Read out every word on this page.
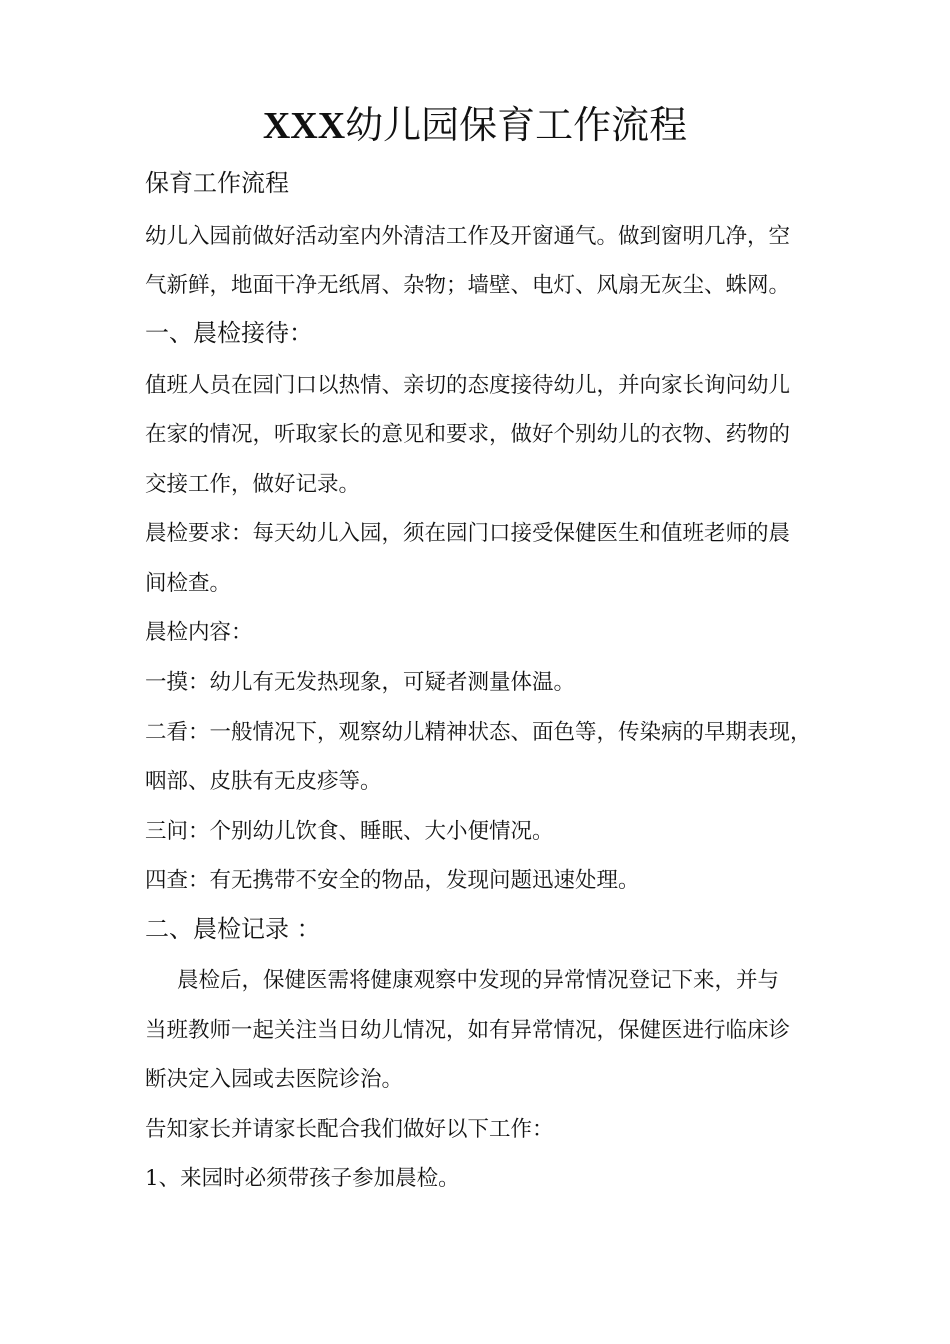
XXX幼儿园保育工作流程
保育工作流程
幼儿入园前做好活动室内外清洁工作及开窗通气。做到窗明几净，空
气新鲜，地面干净无纸屑、杂物；墙壁、电灯、风扇无灰尘、蛛网。
一、晨检接待：
值班人员在园门口以热情、亲切的态度接待幼儿，并向家长询问幼儿
在家的情况，听取家长的意见和要求，做好个别幼儿的衣物、药物的
交接工作，做好记录。
晨检要求：每天幼儿入园，须在园门口接受保健医生和值班老师的晨
间检查。
晨检内容：
一摸：幼儿有无发热现象，可疑者测量体温。
二看：一般情况下，观察幼儿精神状态、面色等，传染病的早期表现，
咽部、皮肤有无皮疹等。
三问：个别幼儿饮食、睡眠、大小便情况。
四查：有无携带不安全的物品，发现问题迅速处理。
二、晨检记录 ：
晨检后，保健医需将健康观察中发现的异常情况登记下来，并与
当班教师一起关注当日幼儿情况，如有异常情况，保健医进行临床诊
断决定入园或去医院诊治。
告知家长并请家长配合我们做好以下工作：
1、来园时必须带孩子参加晨检。
